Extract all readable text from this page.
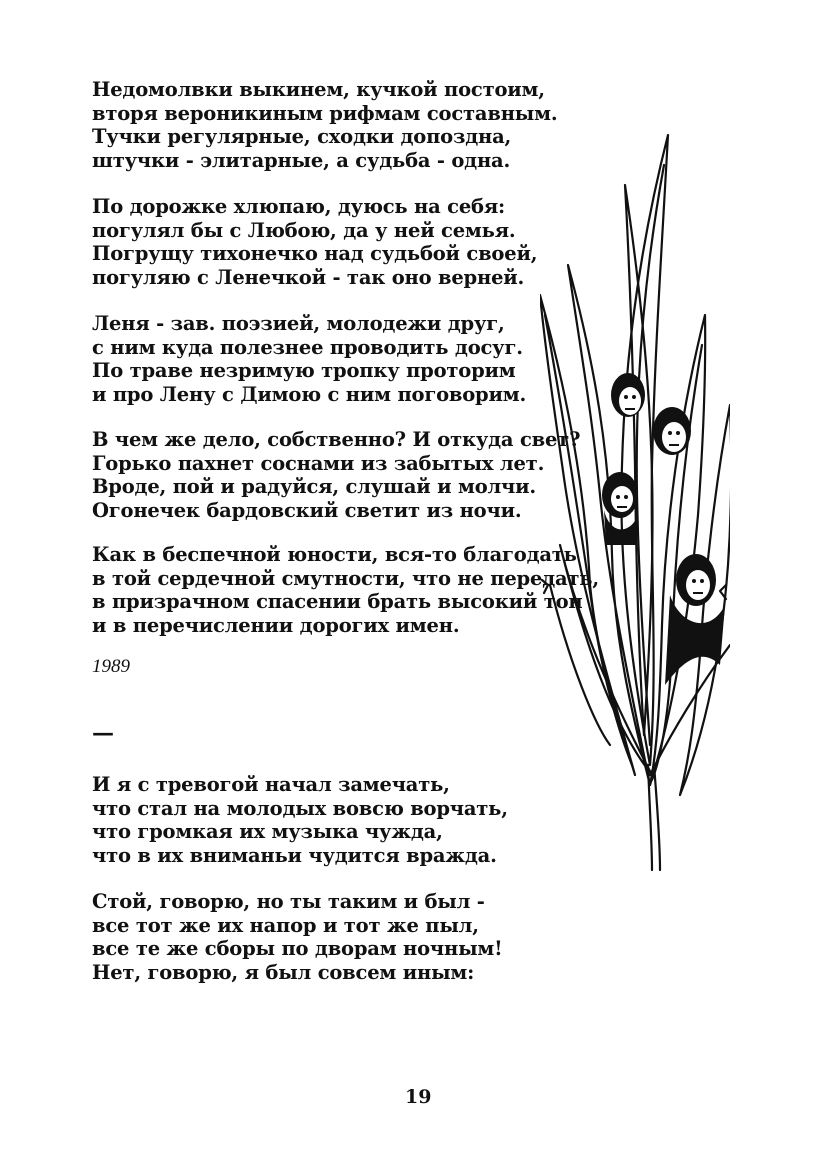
Недомолвки выкинем, кучкой постоим,
вторя вероникиным рифмам составным.
Тучки регулярные, сходки допоздна,
штучки - элитарные, а судьба - одна.
По дорожке хлюпаю, дуюсь на себя:
погулял бы с Любою, да у ней семья.
Погрущу тихонечко над судьбой своей,
погуляю с Ленечкой - так оно верней.
Леня - зав. поэзией, молодежи друг,
с ним куда полезнее проводить досуг.
По траве незримую тропку проторим
и про Лену с Димою с ним поговорим.
В чем же дело, собственно? И откуда свет?
Горько пахнет соснами из забытых лет.
Вроде, пой и радуйся, слушай и молчи.
Огонечек бардовский светит из ночи.
Как в беспечной юности, вся-то благодать
в той сердечной смутности, что не передать,
в призрачном спасении брать высокий тон
и в перечислении дорогих имен.
1989
—
И я с тревогой начал замечать,
что стал на молодых вовсю ворчать,
что громкая их музыка чужда,
что в их вниманьи чудится вражда.
Стой, говорю, но ты таким и был -
все тот же их напор и тот же пыл,
все те же сборы по дворам ночным!
Нет, говорю, я был совсем иным:
19
